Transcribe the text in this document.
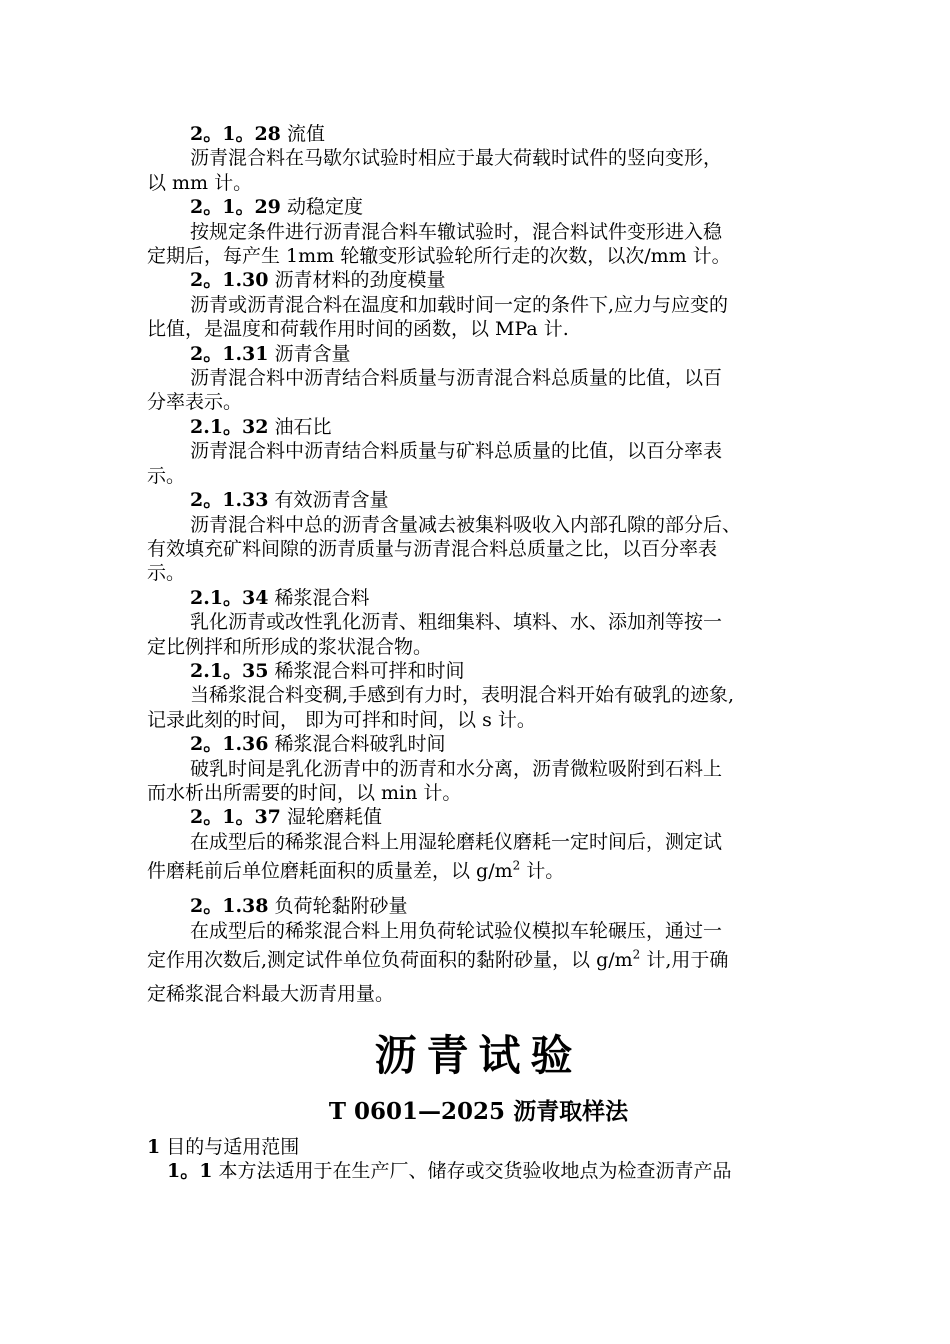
2。1。28 流值
沥青混合料在马歇尔试验时相应于最大荷载时试件的竖向变形，
以 mm 计。
2。1。29 动稳定度
按规定条件进行沥青混合料车辙试验时，混合料试件变形进入稳
定期后，每产生 1mm 轮辙变形试验轮所行走的次数，以次/mm 计。
2。1.30 沥青材料的劲度模量
沥青或沥青混合料在温度和加载时间一定的条件下,应力与应变的
比值，是温度和荷载作用时间的函数，以 MPa 计.
2。1.31 沥青含量
沥青混合料中沥青结合料质量与沥青混合料总质量的比值，以百
分率表示。
2.1。32 油石比
沥青混合料中沥青结合料质量与矿料总质量的比值，以百分率表
示。
2。1.33 有效沥青含量
沥青混合料中总的沥青含量减去被集料吸收入内部孔隙的部分后、
有效填充矿料间隙的沥青质量与沥青混合料总质量之比，以百分率表
示。
2.1。34 稀浆混合料
乳化沥青或改性乳化沥青、粗细集料、填料、水、添加剂等按一
定比例拌和所形成的浆状混合物。
2.1。35 稀浆混合料可拌和时间
当稀浆混合料变稠,手感到有力时，表明混合料开始有破乳的迹象,
记录此刻的时间， 即为可拌和时间，以 s 计。
2。1.36 稀浆混合料破乳时间
破乳时间是乳化沥青中的沥青和水分离，沥青微粒吸附到石料上
而水析出所需要的时间，以 min 计。
2。1。37 湿轮磨耗值
在成型后的稀浆混合料上用湿轮磨耗仪磨耗一定时间后，测定试
件磨耗前后单位磨耗面积的质量差，以 $g/m^2$ 计。
2。1.38 负荷轮黏附砂量
在成型后的稀浆混合料上用负荷轮试验仪模拟车轮碾压，通过一
定作用次数后,测定试件单位负荷面积的黏附砂量，以 $g/m^2$ 计,用于确
定稀浆混合料最大沥青用量。
沥青试验
T 0601—2025 沥青取样法
1 目的与适用范围
1。1 本方法适用于在生产厂、储存或交货验收地点为检查沥青产品
